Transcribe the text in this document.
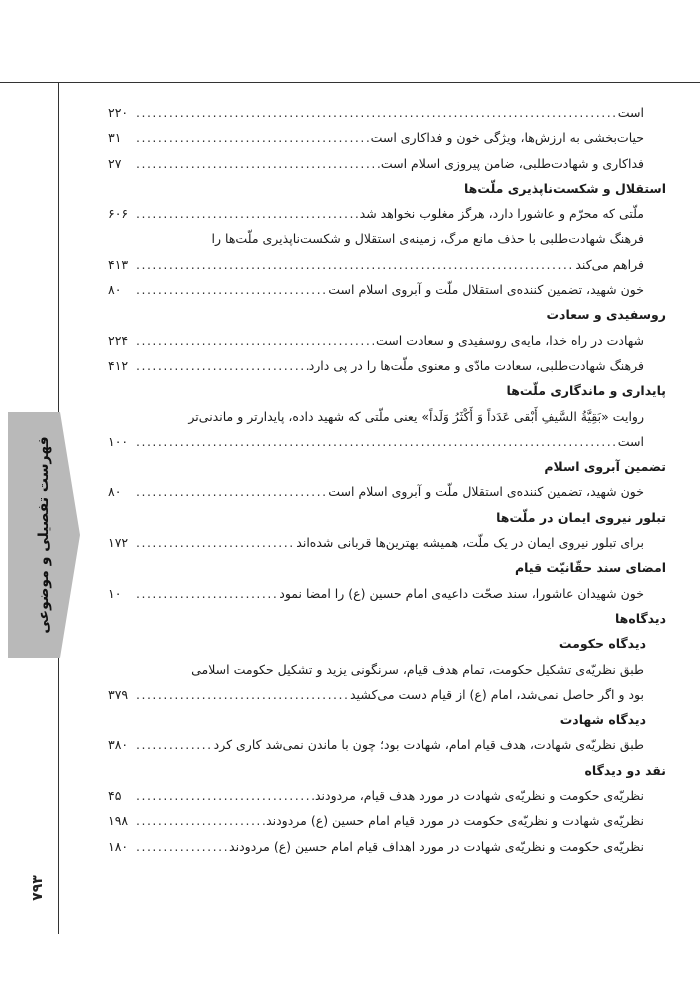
فهرست تفصیلی و موضوعی
۷۹۳
است
.....
۲۲۰
حیات‌بخشی به ارزش‌ها، ویژگی خون و فداکاری است
.....
۳۱
فداکاری و شهادت‌طلبی، ضامن پیروزی اسلام است
.....
۲۷
استقلال و شکست‌ناپذیری ملّت‌ها
ملّتی که محرّم و عاشورا دارد، هرگز مغلوب نخواهد شد
.....
۶۰۶
فرهنگ شهادت‌طلبی با حذف مانع مرگ، زمینه‌ی استقلال و شکست‌ناپذیری ملّت‌ها را
فراهم می‌کند
.....
۴۱۳
خون شهید، تضمین کننده‌ی استقلال ملّت و آبروی اسلام است
.....
۸۰
روسفیدی و سعادت
شهادت در راه خدا، مایه‌ی روسفیدی و سعادت است
.....
۲۲۴
فرهنگ شهادت‌طلبی، سعادت مادّی و معنوی ملّت‌ها را در پی دارد
.....
۴۱۲
پایداری و ماندگاری ملّت‌ها
روایت «بَقِیَّةُ السَّیفِ أَبْقی عَدَداً وَ أَکْثَرُ وَلَداً» یعنی ملّتی که شهید داده، پایدارتر و ماندنی‌تر
است
.....
۱۰۰
تضمین آبروی اسلام
خون شهید، تضمین کننده‌ی استقلال ملّت و آبروی اسلام است
.....
۸۰
تبلور نیروی ایمان در ملّت‌ها
برای تبلور نیروی ایمان در یک ملّت، همیشه بهترین‌ها قربانی شده‌اند
.....
۱۷۲
امضای سند حقّانیّت قیام
خون شهیدان عاشورا، سند صحّت داعیه‌ی امام حسین (ع) را امضا نمود
.....
۱۰
دیدگاه‌ها
دیدگاه حکومت
طبق نظریّه‌ی تشکیل حکومت، تمام هدف قیام، سرنگونی یزید و تشکیل حکومت اسلامی
بود و اگر حاصل نمی‌شد، امام (ع) از قیام دست می‌کشید
.....
۳۷۹
دیدگاه شهادت
طبق نظریّه‌ی شهادت، هدف قیام امام، شهادت بود؛ چون با ماندن نمی‌شد کاری کرد
.....
۳۸۰
نقد دو دیدگاه
نظریّه‌ی حکومت و نظریّه‌ی شهادت در مورد هدف قیام، مردودند
.....
۴۵
نظریّه‌ی شهادت و نظریّه‌ی حکومت در مورد قیام امام حسین (ع) مردودند
.....
۱۹۸
نظریّه‌ی حکومت و نظریّه‌ی شهادت در مورد اهداف قیام امام حسین (ع) مردودند
.....
۱۸۰
